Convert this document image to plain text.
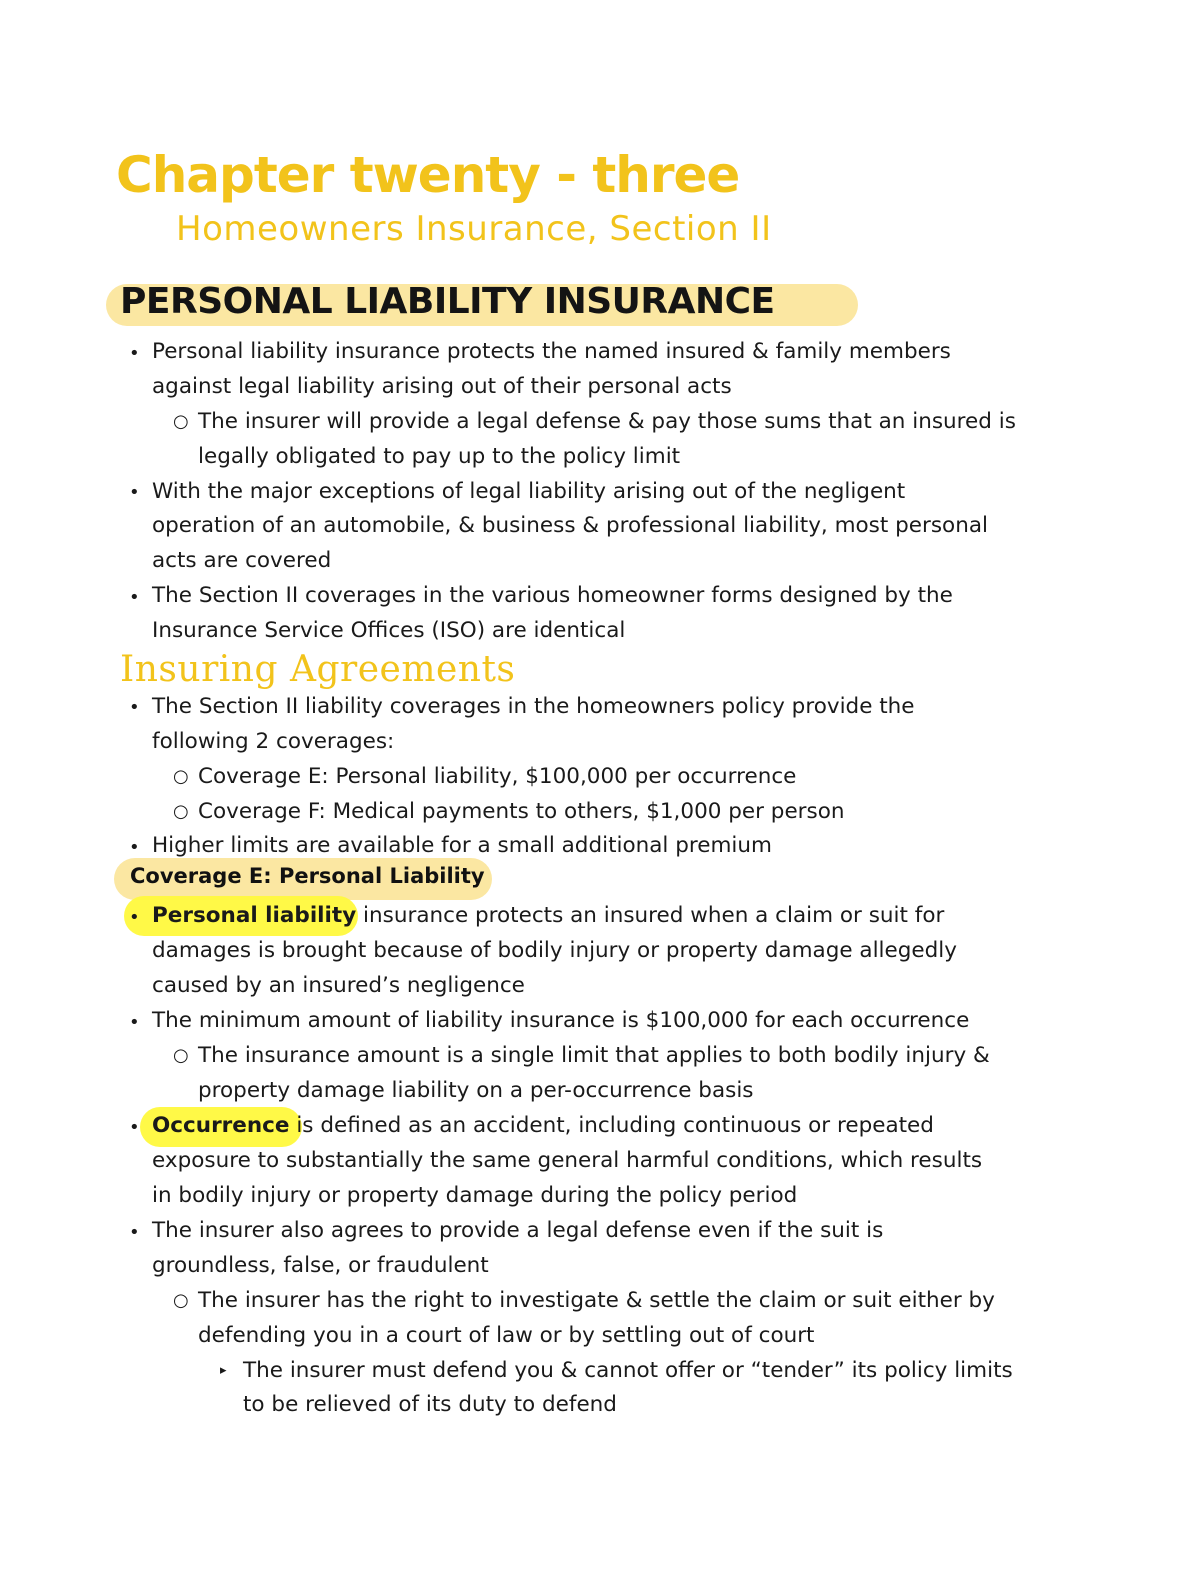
Chapter twenty - three
Homeowners Insurance, Section II
PERSONAL LIABILITY INSURANCE
• Personal liability insurance protects the named insured & family members
against legal liability arising out of their personal acts
○ The insurer will provide a legal defense & pay those sums that an insured is
legally obligated to pay up to the policy limit
• With the major exceptions of legal liability arising out of the negligent
operation of an automobile, & business & professional liability, most personal
acts are covered
• The Section II coverages in the various homeowner forms designed by the
Insurance Service Offices (ISO) are identical
Insuring Agreements
• The Section II liability coverages in the homeowners policy provide the
following 2 coverages:
○ Coverage E: Personal liability, $100,000 per occurrence
○ Coverage F: Medical payments to others, $1,000 per person
• Higher limits are available for a small additional premium
Coverage E: Personal Liability
• Personal liability insurance protects an insured when a claim or suit for
damages is brought because of bodily injury or property damage allegedly
caused by an insured’s negligence
• The minimum amount of liability insurance is $100,000 for each occurrence
○ The insurance amount is a single limit that applies to both bodily injury &
property damage liability on a per-occurrence basis
• Occurrence is defined as an accident, including continuous or repeated
exposure to substantially the same general harmful conditions, which results
in bodily injury or property damage during the policy period
• The insurer also agrees to provide a legal defense even if the suit is
groundless, false, or fraudulent
○ The insurer has the right to investigate & settle the claim or suit either by
defending you in a court of law or by settling out of court
▸ The insurer must defend you & cannot offer or “tender” its policy limits
to be relieved of its duty to defend
